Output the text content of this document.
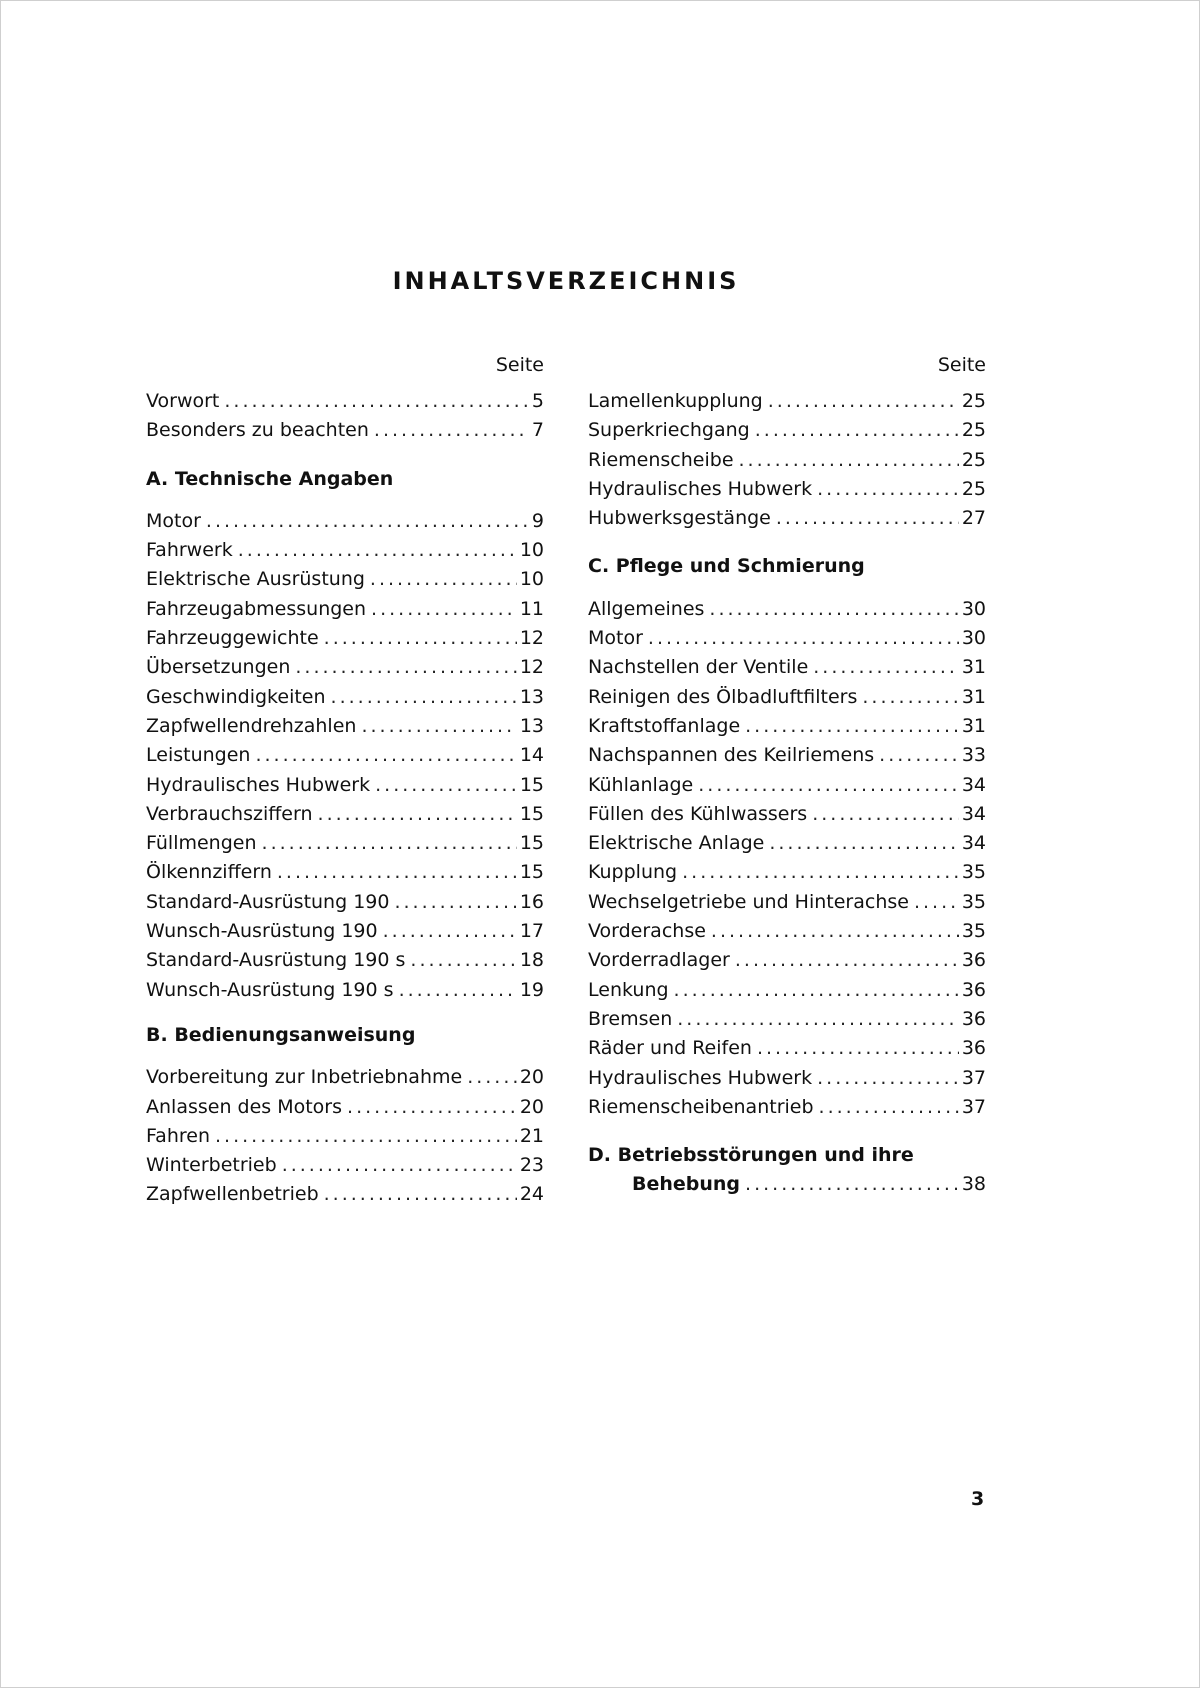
INHALTSVERZEICHNIS
Seite
Vorwort .....	5
Besonders zu beachten .....	7
A. Technische Angaben
Motor .....	9
Fahrwerk .....	10
Elektrische Ausrüstung .....	10
Fahrzeugabmessungen .....	11
Fahrzeuggewichte .....	12
Übersetzungen .....	12
Geschwindigkeiten .....	13
Zapfwellendrehzahlen .....	13
Leistungen .....	14
Hydraulisches Hubwerk .....	15
Verbrauchsziffern .....	15
Füllmengen .....	15
Ölkennziffern .....	15
Standard-Ausrüstung 190 .....	16
Wunsch-Ausrüstung 190 .....	17
Standard-Ausrüstung 190 s .....	18
Wunsch-Ausrüstung 190 s .....	19
B. Bedienungsanweisung
Vorbereitung zur Inbetriebnahme .....	20
Anlassen des Motors .....	20
Fahren .....	21
Winterbetrieb .....	23
Zapfwellenbetrieb .....	24
Seite
Lamellenkupplung .....	25
Superkriechgang .....	25
Riemenscheibe .....	25
Hydraulisches Hubwerk .....	25
Hubwerksgestänge .....	27
C. Pflege und Schmierung
Allgemeines .....	30
Motor .....	30
Nachstellen der Ventile .....	31
Reinigen des Ölbadluftfilters .....	31
Kraftstoffanlage .....	31
Nachspannen des Keilriemens .....	33
Kühlanlage .....	34
Füllen des Kühlwassers .....	34
Elektrische Anlage .....	34
Kupplung .....	35
Wechselgetriebe und Hinterachse .....	35
Vorderachse .....	35
Vorderradlager .....	36
Lenkung .....	36
Bremsen .....	36
Räder und Reifen .....	36
Hydraulisches Hubwerk .....	37
Riemenscheibenantrieb .....	37
D. Betriebsstörungen und ihre
Behebung .....	38
3
